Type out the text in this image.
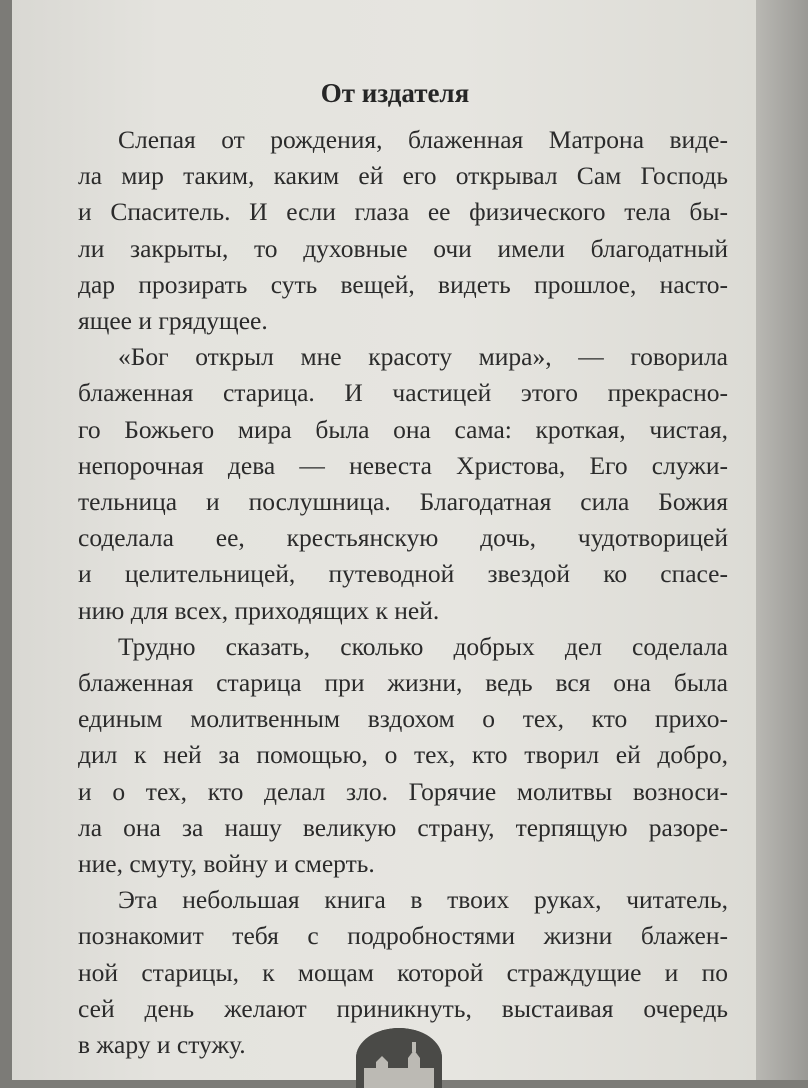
От издателя
Слепая от рождения, блаженная Матрона виде-
ла мир таким, каким ей его открывал Сам Господь
и Спаситель. И если глаза ее физического тела бы-
ли закрыты, то духовные очи имели благодатный
дар прозирать суть вещей, видеть прошлое, насто-
ящее и грядущее.
«Бог открыл мне красоту мира», — говорила
блаженная старица. И частицей этого прекрасно-
го Божьего мира была она сама: кроткая, чистая,
непорочная дева — невеста Христова, Его служи-
тельница и послушница. Благодатная сила Божия
соделала ее, крестьянскую дочь, чудотворицей
и целительницей, путеводной звездой ко спасе-
нию для всех, приходящих к ней.
Трудно сказать, сколько добрых дел соделала
блаженная старица при жизни, ведь вся она была
единым молитвенным вздохом о тех, кто прихо-
дил к ней за помощью, о тех, кто творил ей добро,
и о тех, кто делал зло. Горячие молитвы возноси-
ла она за нашу великую страну, терпящую разоре-
ние, смуту, войну и смерть.
Эта небольшая книга в твоих руках, читатель,
познакомит тебя с подробностями жизни блажен-
ной старицы, к мощам которой страждущие и по
сей день желают приникнуть, выстаивая очередь
в жару и стужу.
